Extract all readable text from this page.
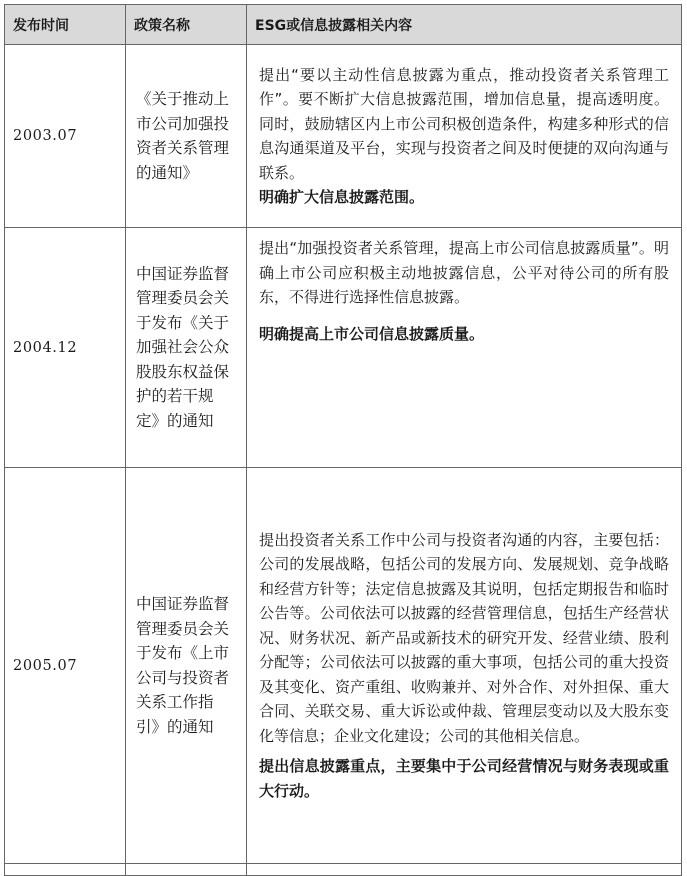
发布时间	政策名称	ESG或信息披露相关内容
2003.07	《关于推动上市公司加强投资者关系管理的通知》	提出“要以主动性信息披露为重点，推动投资者关系管理工作”。要不断扩大信息披露范围，增加信息量，提高透明度。同时，鼓励辖区内上市公司积极创造条件，构建多种形式的信息沟通渠道及平台，实现与投资者之间及时便捷的双向沟通与联系。

明确扩大信息披露范围。

2004.12	中国证券监督管理委员会关于发布《关于加强社会公众股股东权益保护的若干规定》的通知	提出“加强投资者关系管理，提高上市公司信息披露质量”。明确上市公司应积极主动地披露信息，公平对待公司的所有股东，不得进行选择性信息披露。

明确提高上市公司信息披露质量。

2005.07	中国证券监督管理委员会关于发布《上市公司与投资者关系工作指引》的通知	提出投资者关系工作中公司与投资者沟通的内容，主要包括：公司的发展战略，包括公司的发展方向、发展规划、竞争战略和经营方针等；法定信息披露及其说明，包括定期报告和临时公告等。公司依法可以披露的经营管理信息，包括生产经营状况、财务状况、新产品或新技术的研究开发、经营业绩、股利分配等；公司依法可以披露的重大事项，包括公司的重大投资及其变化、资产重组、收购兼并、对外合作、对外担保、重大合同、关联交易、重大诉讼或仲裁、管理层变动以及大股东变化等信息；企业文化建设；公司的其他相关信息。

提出信息披露重点，主要集中于公司经营情况与财务表现或重大行动。
